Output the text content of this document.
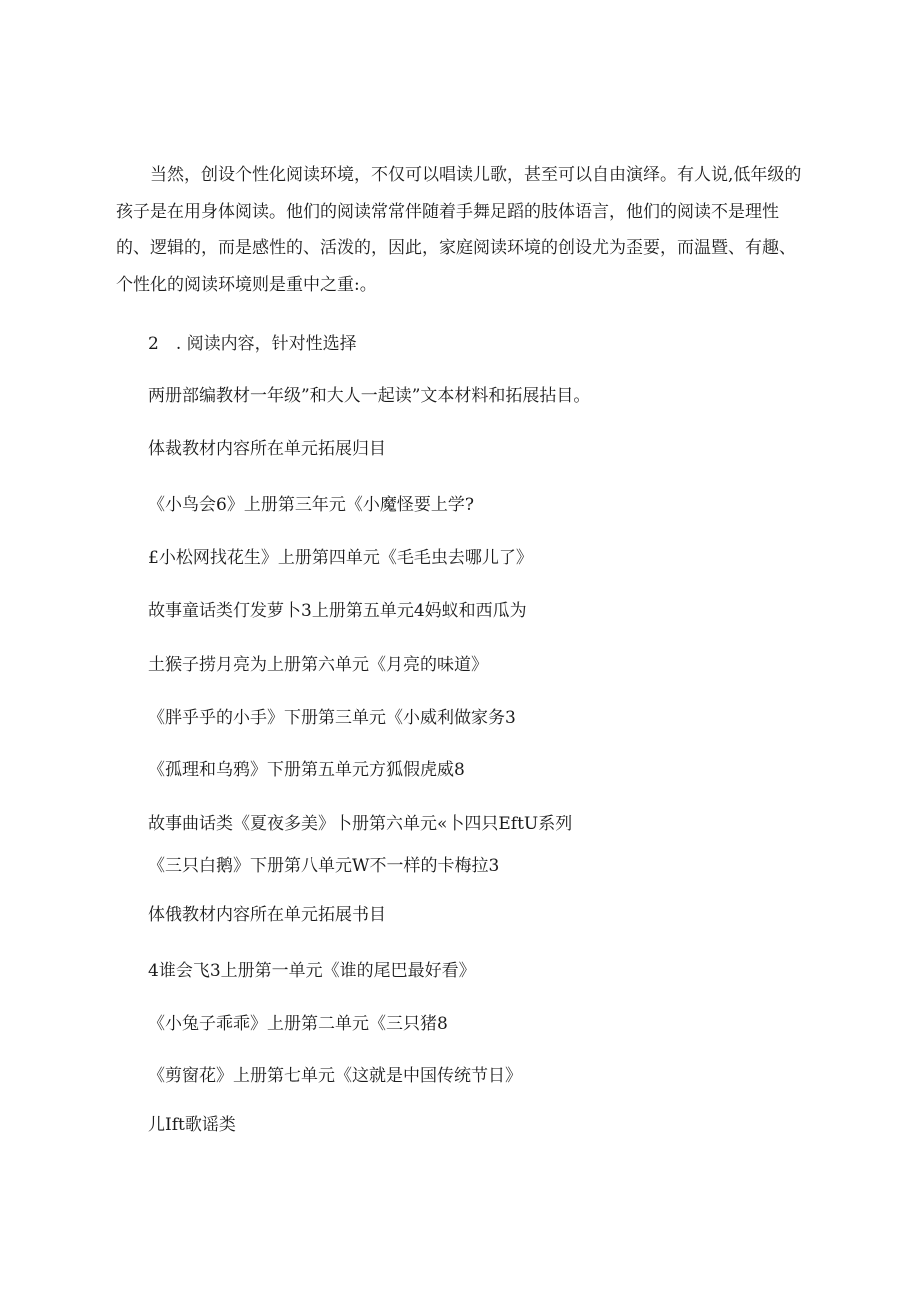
　　当然，创设个性化阅读环境，不仅可以唱读儿歌，甚至可以自由演绎。有人说,低年级的
孩子是在用身体阅读。他们的阅读常常伴随着手舞足蹈的肢体语言，他们的阅读不是理性
的、逻辑的，而是感性的、活泼的，因此，家庭阅读环境的创设尤为歪要，而温暨、有趣、
个性化的阅读环境则是重中之重:。

2　. 阅读内容，针对性选择

两册部编教材一年级”和大人一起读”文本材料和拓展拈目。

体裁教材内容所在单元拓展归目

《小鸟会6》上册第三年元《小魔怪要上学?

£小松网找花生》上册第四单元《毛毛虫去哪儿了》

故事童话类仃发萝卜3上册第五单元4妈蚁和西瓜为

土猴子捞月亮为上册第六单元《月亮的味道》

《胖乎乎的小手》下册第三单元《小威利做家务3

《孤理和乌鸦》下册第五单元方狐假虎威8

故事曲话类《夏夜多美》卜册第六单元«卜四只EftU系列

《三只白鹅》下册第八单元W不一样的卡梅拉3

体俄教材内容所在单元拓展书目

4谁会飞3上册第一单元《谁的尾巴最好看》

《小兔子乖乖》上册第二单元《三只猪8

《剪窗花》上册第七单元《这就是中国传统节日》

儿Ift歌谣类
